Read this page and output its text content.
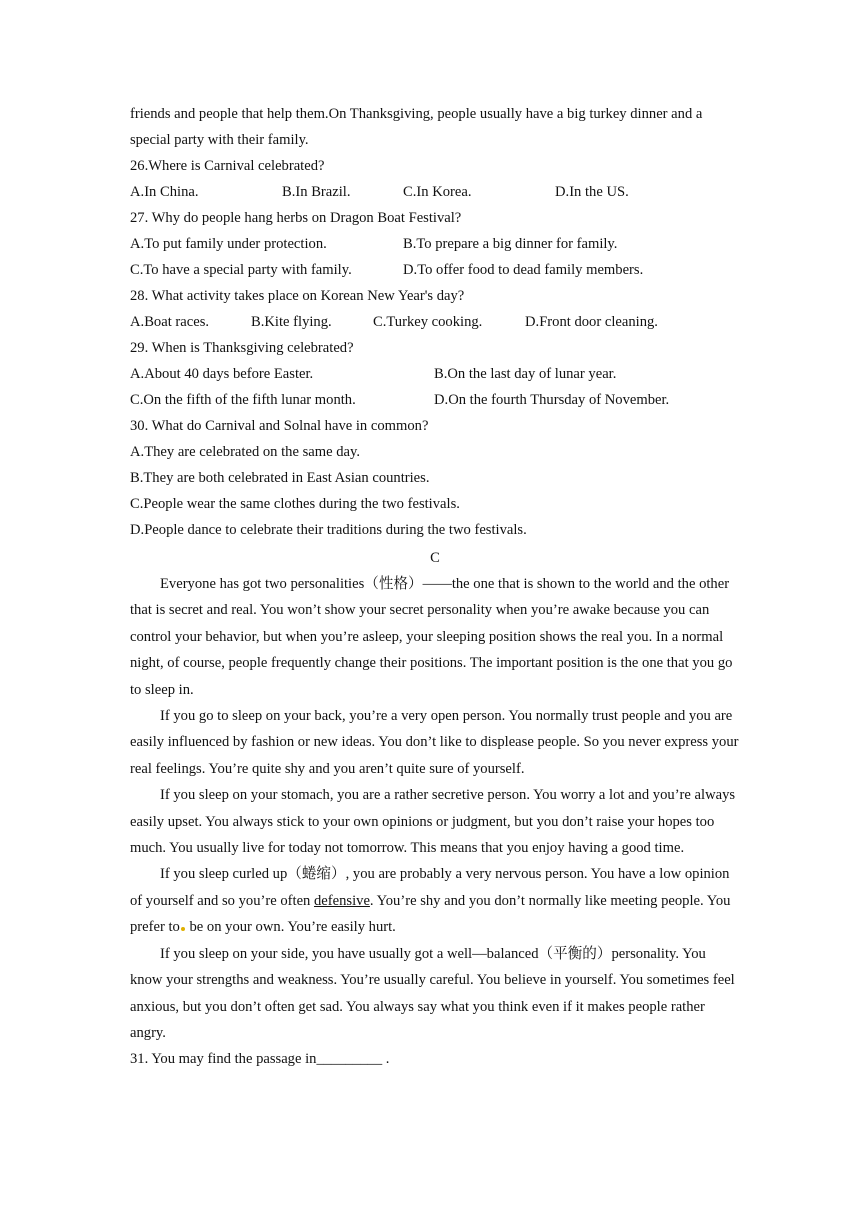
friends and people that help them.On Thanksgiving, people usually have a big turkey dinner and a
special party with their family.
26.Where is Carnival celebrated?
A.In China.	B.In Brazil.	C.In Korea.	D.In the US.
27. Why do people hang herbs on Dragon Boat Festival?
A.To put family under protection.	B.To prepare a big dinner for family.
C.To have a special party with family.	D.To offer food to dead family members.
28. What activity takes place on Korean New Year's day?
A.Boat races.	B.Kite flying.	C.Turkey cooking.	D.Front door cleaning.
29. When is Thanksgiving celebrated?
A.About 40 days before Easter.	B.On the last day of lunar year.
C.On the fifth of the fifth lunar month.	D.On the fourth Thursday of November.
30. What do Carnival and Solnal have in common?
A.They are celebrated on the same day.
B.They are both celebrated in East Asian countries.
C.People wear the same clothes during the two festivals.
D.People dance to celebrate their traditions during the two festivals.
C

Everyone has got two personalities（性格）——the one that is shown to the world and the other that is secret and real. You won’t show your secret personality when you’re awake because you can control your behavior, but when you’re asleep, your sleeping position shows the real you. In a normal night, of course, people frequently change their positions. The important position is the one that you go to sleep in.

If you go to sleep on your back, you’re a very open person. You normally trust people and you are easily influenced by fashion or new ideas. You don’t like to displease people. So you never express your real feelings. You’re quite shy and you aren’t quite sure of yourself.

If you sleep on your stomach, you are a rather secretive person. You worry a lot and you’re always easily upset. You always stick to your own opinions or judgment, but you don’t raise your hopes too much. You usually live for today not tomorrow. This means that you enjoy having a good time.

If you sleep curled up（蜷缩）, you are probably a very nervous person. You have a low opinion of yourself and so you’re often defensive. You’re shy and you don’t normally like meeting people. You prefer to be on your own. You’re easily hurt.

If you sleep on your side, you have usually got a well—balanced（平衡的）personality. You know your strengths and weakness. You’re usually careful. You believe in yourself. You sometimes feel anxious, but you don’t often get sad. You always say what you think even if it makes people rather angry.

31. You may find the passage in_________ .
